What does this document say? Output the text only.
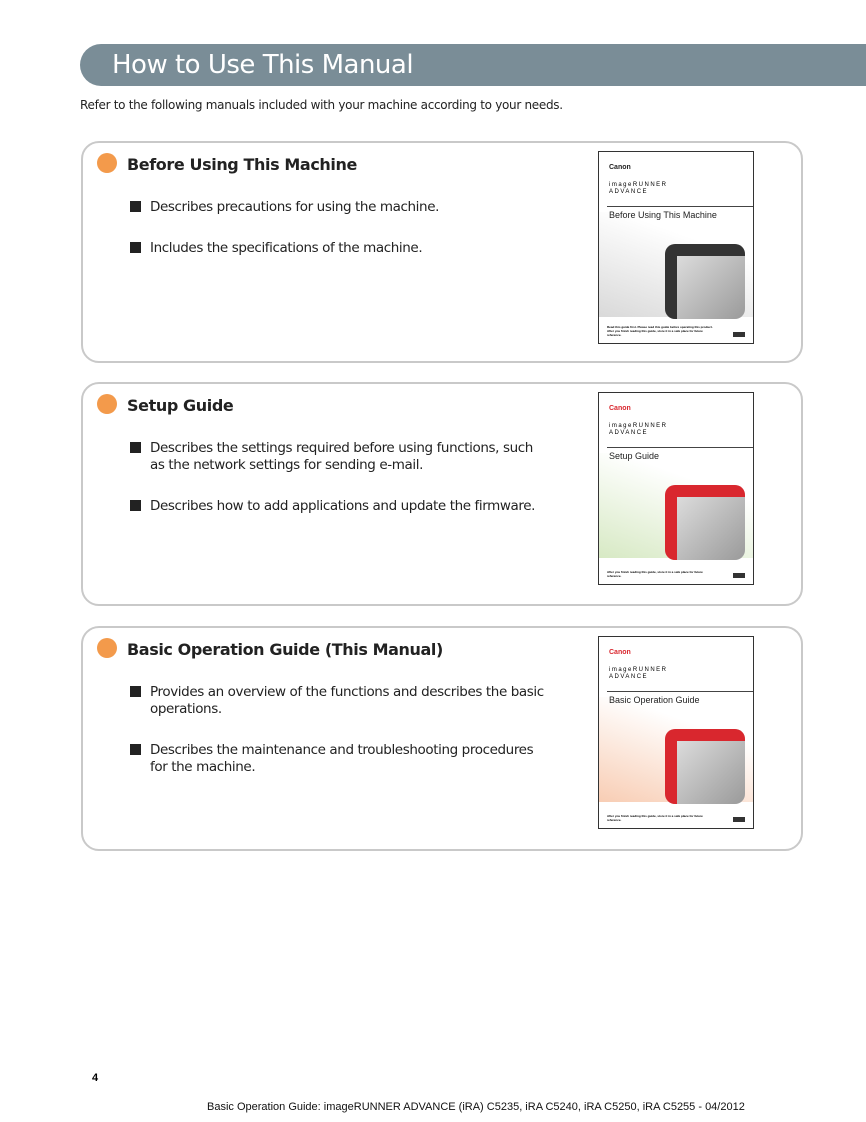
How to Use This Manual
Refer to the following manuals included with your machine according to your needs.
Before Using This Machine
Describes precautions for using the machine.
Includes the specifications of the machine.
Canon
imageRUNNER
ADVANCE
Before Using This Machine
Read this guide first. Please read this guide before operating this product. After you finish reading this guide, store it in a safe place for future reference.
Setup Guide
Describes the settings required before using functions, such as the network settings for sending e-mail.
Describes how to add applications and update the firmware.
Canon
imageRUNNER
ADVANCE
Setup Guide
After you finish reading this guide, store it in a safe place for future reference.
Basic Operation Guide (This Manual)
Provides an overview of the functions and describes the basic operations.
Describes the maintenance and troubleshooting procedures for the machine.
Canon
imageRUNNER
ADVANCE
Basic Operation Guide
After you finish reading this guide, store it in a safe place for future reference.
4
Basic Operation Guide: imageRUNNER ADVANCE (iRA) C5235, iRA C5240, iRA C5250, iRA C5255 - 04/2012
